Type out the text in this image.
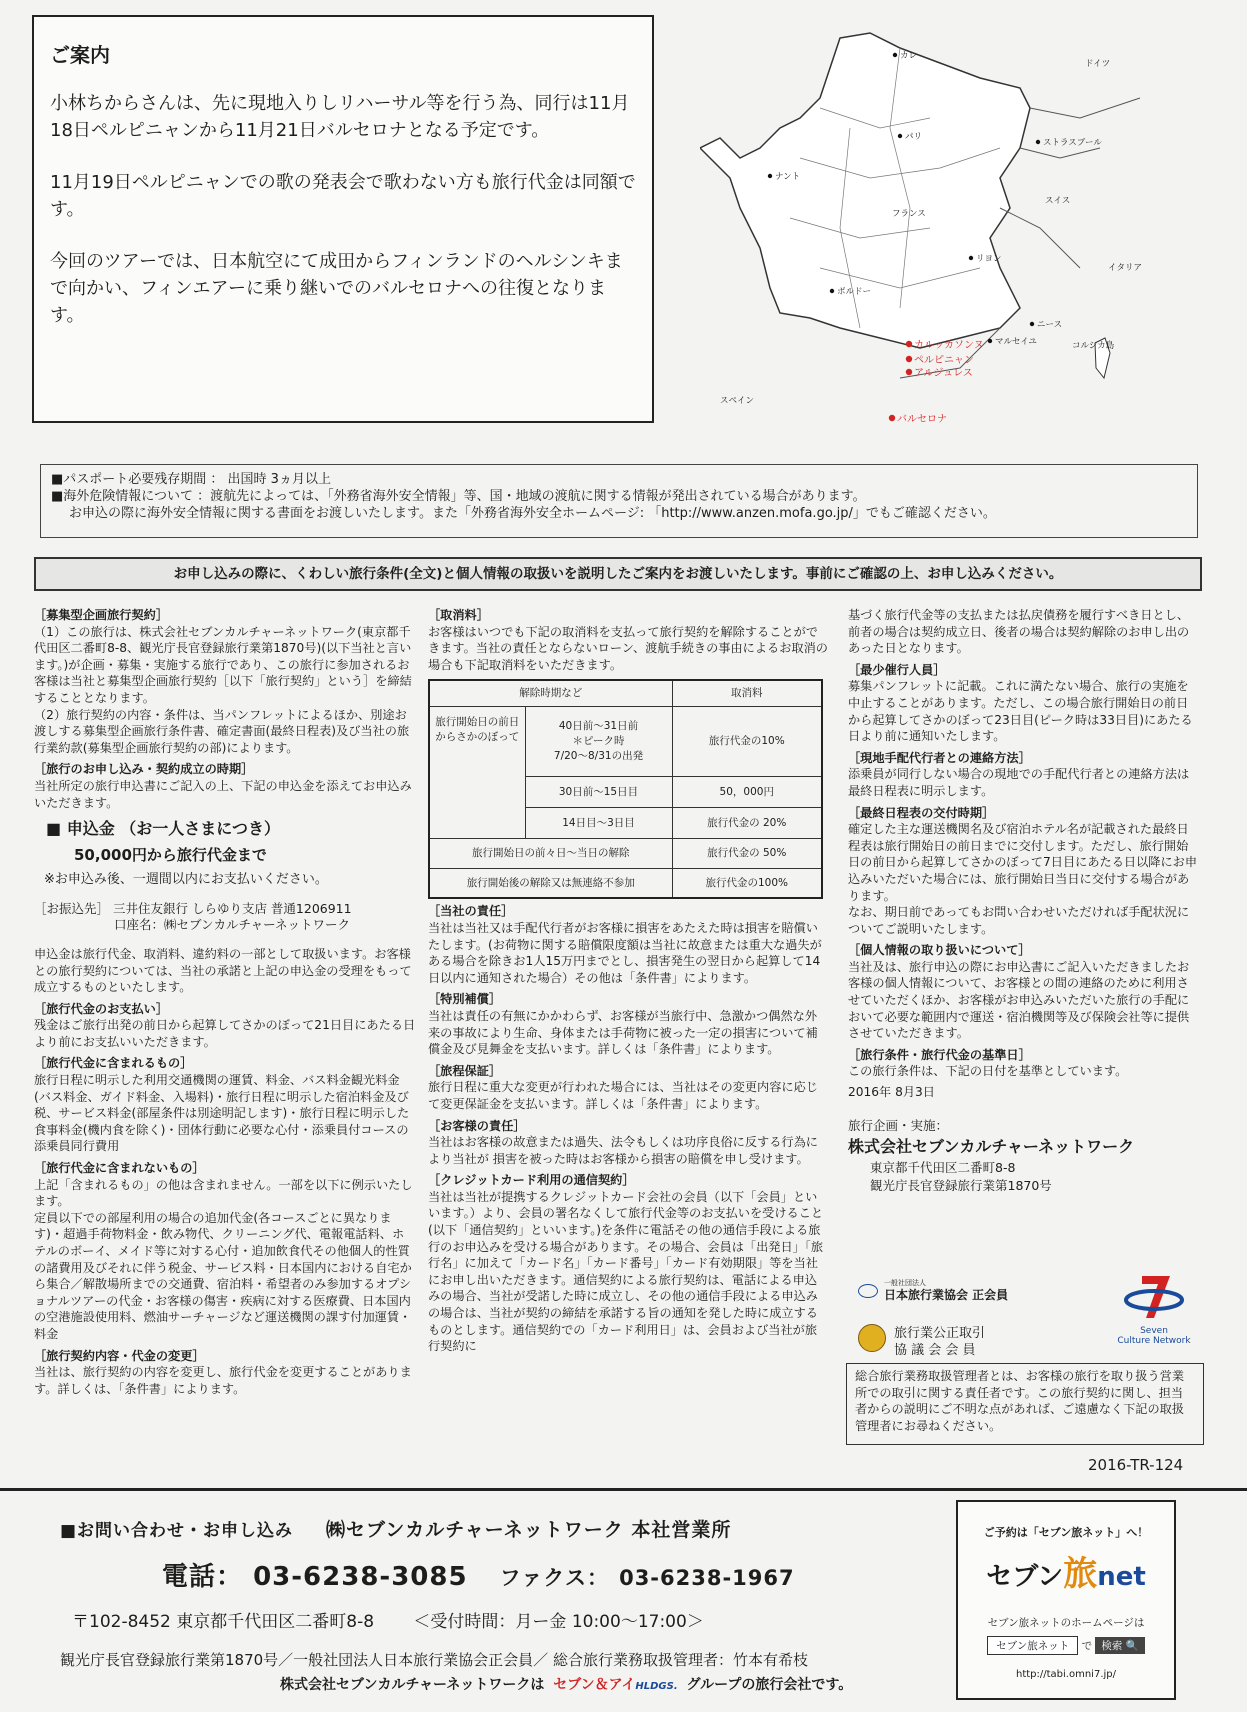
ご案内

小林ちからさんは、先に現地入りしリハーサル等を行う為、同行は11月18日ペルピニャンから11月21日バルセロナとなる予定です。

11月19日ペルピニャンでの歌の発表会で歌わない方も旅行代金は同額です。

今回のツアーでは、日本航空にて成田からフィンランドのヘルシンキまで向かい、フィンエアーに乗り継いでのバルセロナへの往復となります。

ドイツ
スイス
イタリア
フランス
スペイン
コルシカ島
カレ
パリ
ストラスブール
ナント
リヨン
ボルドー
マルセイユ
ニース
カルッカソンヌ
ペルピニャン
アルジュレス
バルセロナ
■パスポート必要残存期間 ： 出国時 3ヵ月以上
■海外危険情報について ：渡航先によっては、「外務省海外安全情報」等、国・地域の渡航に関する情報が発出されている場合があります。
お申込の際に海外安全情報に関する書面をお渡しいたします。また「外務省海外安全ホームページ: 「http://www.anzen.mofa.go.jp/」でもご確認ください。
お申し込みの際に、くわしい旅行条件(全文)と個人情報の取扱いを説明したご案内をお渡しいたします。事前にご確認の上、お申し込みください。
［募集型企画旅行契約］
（1）この旅行は、株式会社セブンカルチャーネットワーク(東京都千代田区二番町8-8、観光庁長官登録旅行業第1870号)(以下当社と言います。)が企画・募集・実施する旅行であり、この旅行に参加されるお客様は当社と募集型企画旅行契約［以下「旅行契約」という］を締結することとなります。
（2）旅行契約の内容・条件は、当パンフレットによるほか、別途お渡しする募集型企画旅行条件書、確定書面(最終日程表)及び当社の旅行業約款(募集型企画旅行契約の部)によります。
［旅行のお申し込み・契約成立の時期］
当社所定の旅行申込書にご記入の上、下記の申込金を添えてお申込みいただきます。
■ 申込金 （お一人さまにつき）
50,000円から旅行代金まで
※お申込み後、一週間以内にお支払いください。
［お振込先］ 三井住友銀行 しらゆり支店 普通1206911
口座名：㈱セブンカルチャーネットワーク
申込金は旅行代金、取消料、違約料の一部として取扱います。お客様との旅行契約については、当社の承諾と上記の申込金の受理をもって成立するものといたします。
［旅行代金のお支払い］
残金はご旅行出発の前日から起算してさかのぼって21日目にあたる日より前にお支払いいただきます。
［旅行代金に含まれるもの］
旅行日程に明示した利用交通機関の運賃、料金、バス料金観光料金(バス料金、ガイド料金、入場料)・旅行日程に明示した宿泊料金及び税、サービス料金(部屋条件は別途明記します)・旅行日程に明示した食事料金(機内食を除く)・団体行動に必要な心付・添乗員付コースの添乗員同行費用
［旅行代金に含まれないもの］
上記「含まれるもの」の他は含まれません。一部を以下に例示いたします。
定員以下での部屋利用の場合の追加代金(各コースごとに異なります)・超過手荷物料金・飲み物代、クリーニング代、電報電話料、ホテルのボーイ、メイド等に対する心付・追加飲食代その他個人的性質の諸費用及びそれに伴う税金、サービス料・日本国内における自宅から集合／解散場所までの交通費、宿泊料・希望者のみ参加するオプショナルツアーの代金・お客様の傷害・疾病に対する医療費、日本国内の空港施設使用料、燃油サーチャージなど運送機関の課す付加運賃・料金
［旅行契約内容・代金の変更］
当社は、旅行契約の内容を変更し、旅行代金を変更することがあります。詳しくは、「条件書」によります。
［取消料］
お客様はいつでも下記の取消料を支払って旅行契約を解除することができます。当社の責任とならないローン、渡航手続きの事由によるお取消の場合も下記取消料をいただきます。
解除時期など		取消料
旅行開始日の前日からさかのぼって	40日前～31日前
＊ピーク時
7/20～8/31の出発	旅行代金の10%
	30日前～15日目	50，000円
	14日目～3日目	旅行代金の 20%
旅行開始日の前々日～当日の解除		旅行代金の 50%
旅行開始後の解除又は無連絡不参加		旅行代金の100%
［当社の責任］
当社は当社又は手配代行者がお客様に損害をあたえた時は損害を賠償いたします。(お荷物に関する賠償限度額は当社に故意または重大な過失がある場合を除きお1人15万円までとし、損害発生の翌日から起算して14日以内に通知された場合）その他は「条件書」によります。
［特別補償］
当社は責任の有無にかかわらず、お客様が当旅行中、急激かつ偶然な外来の事故により生命、身体または手荷物に被った一定の損害について補償金及び見舞金を支払います。詳しくは「条件書」によります。
［旅程保証］
旅行日程に重大な変更が行われた場合には、当社はその変更内容に応じて変更保証金を支払います。詳しくは「条件書」によります。
［お客様の責任］
当社はお客様の故意または過失、法令もしくは功序良俗に反する行為により当社が 損害を被った時はお客様から損害の賠償を申し受けます。
［クレジットカード利用の通信契約］
当社は当社が提携するクレジットカード会社の会員（以下「会員」といいます。）より、会員の署名なくして旅行代金等のお支払いを受けること(以下「通信契約」といいます。)を条件に電話その他の通信手段による旅行のお申込みを受ける場合があります。その場合、会員は「出発日」「旅行名」に加えて「カード名」「カード番号」「カード有効期限」等を当社にお申し出いただきます。通信契約による旅行契約は、電話による申込みの場合、当社が受諾した時に成立し、その他の通信手段による申込みの場合は、当社が契約の締結を承諾する旨の通知を発した時に成立するものとします。通信契約での「カード利用日」は、会員および当社が旅行契約に
基づく旅行代金等の支払または払戻債務を履行すべき日とし、前者の場合は契約成立日、後者の場合は契約解除のお申し出のあった日となります。
［最少催行人員］
募集パンフレットに記載。これに満たない場合、旅行の実施を中止することがあります。ただし、この場合旅行開始日の前日から起算してさかのぼって23日目(ピーク時は33日目)にあたる日より前に通知いたします。
［現地手配代行者との連絡方法］
添乗員が同行しない場合の現地での手配代行者との連絡方法は最終日程表に明示します。
［最終日程表の交付時期］
確定した主な運送機関名及び宿泊ホテル名が記載された最終日程表は旅行開始日の前日までに交付します。ただし、旅行開始日の前日から起算してさかのぼって7日目にあたる日以降にお申込みいただいた場合には、旅行開始日当日に交付する場合があります。
なお、期日前であってもお問い合わせいただければ手配状況についてご説明いたします。
［個人情報の取り扱いについて］
当社及は、旅行申込の際にお申込書にご記入いただきましたお客様の個人情報について、お客様との間の連絡のために利用させていただくほか、お客様がお申込みいただいた旅行の手配において必要な範囲内で運送・宿泊機関等及び保険会社等に提供させていただきます。
［旅行条件・旅行代金の基準日］
この旅行条件は、下記の日付を基準としています。
2016年 8月3日
旅行企画・実施：
株式会社セブンカルチャーネットワーク
東京都千代田区二番町8-8
観光庁長官登録旅行業第1870号
一般社団法人
日本旅行業協会 正会員
旅行業公正取引
協 議 会 会 員
Seven
Culture Network
総合旅行業務取扱管理者とは、お客様の旅行を取り扱う営業所での取引に関する責任者です。この旅行契約に関し、担当者からの説明にご不明な点があれば、ご遠慮なく下記の取扱管理者にお尋ねください。
2016-TR-124
■お問い合わせ・お申し込み ㈱セブンカルチャーネットワーク 本社営業所
電話： 03-6238-3085 ファクス： 03-6238-1967
〒102-8452 東京都千代田区二番町8-8 ＜受付時間：月ー金 10:00～17:00＞
観光庁長官登録旅行業第1870号／一般社団法人日本旅行業協会正会員／ 総合旅行業務取扱管理者：竹本有希枝
ご予約は「セブン旅ネット」へ！
セブン旅net
セブン旅ネットのホームページは
セブン旅ネット で 検索 🔍
http://tabi.omni7.jp/
株式会社セブンカルチャーネットワークは セブン＆アイHLDGS. グループの旅行会社です。
